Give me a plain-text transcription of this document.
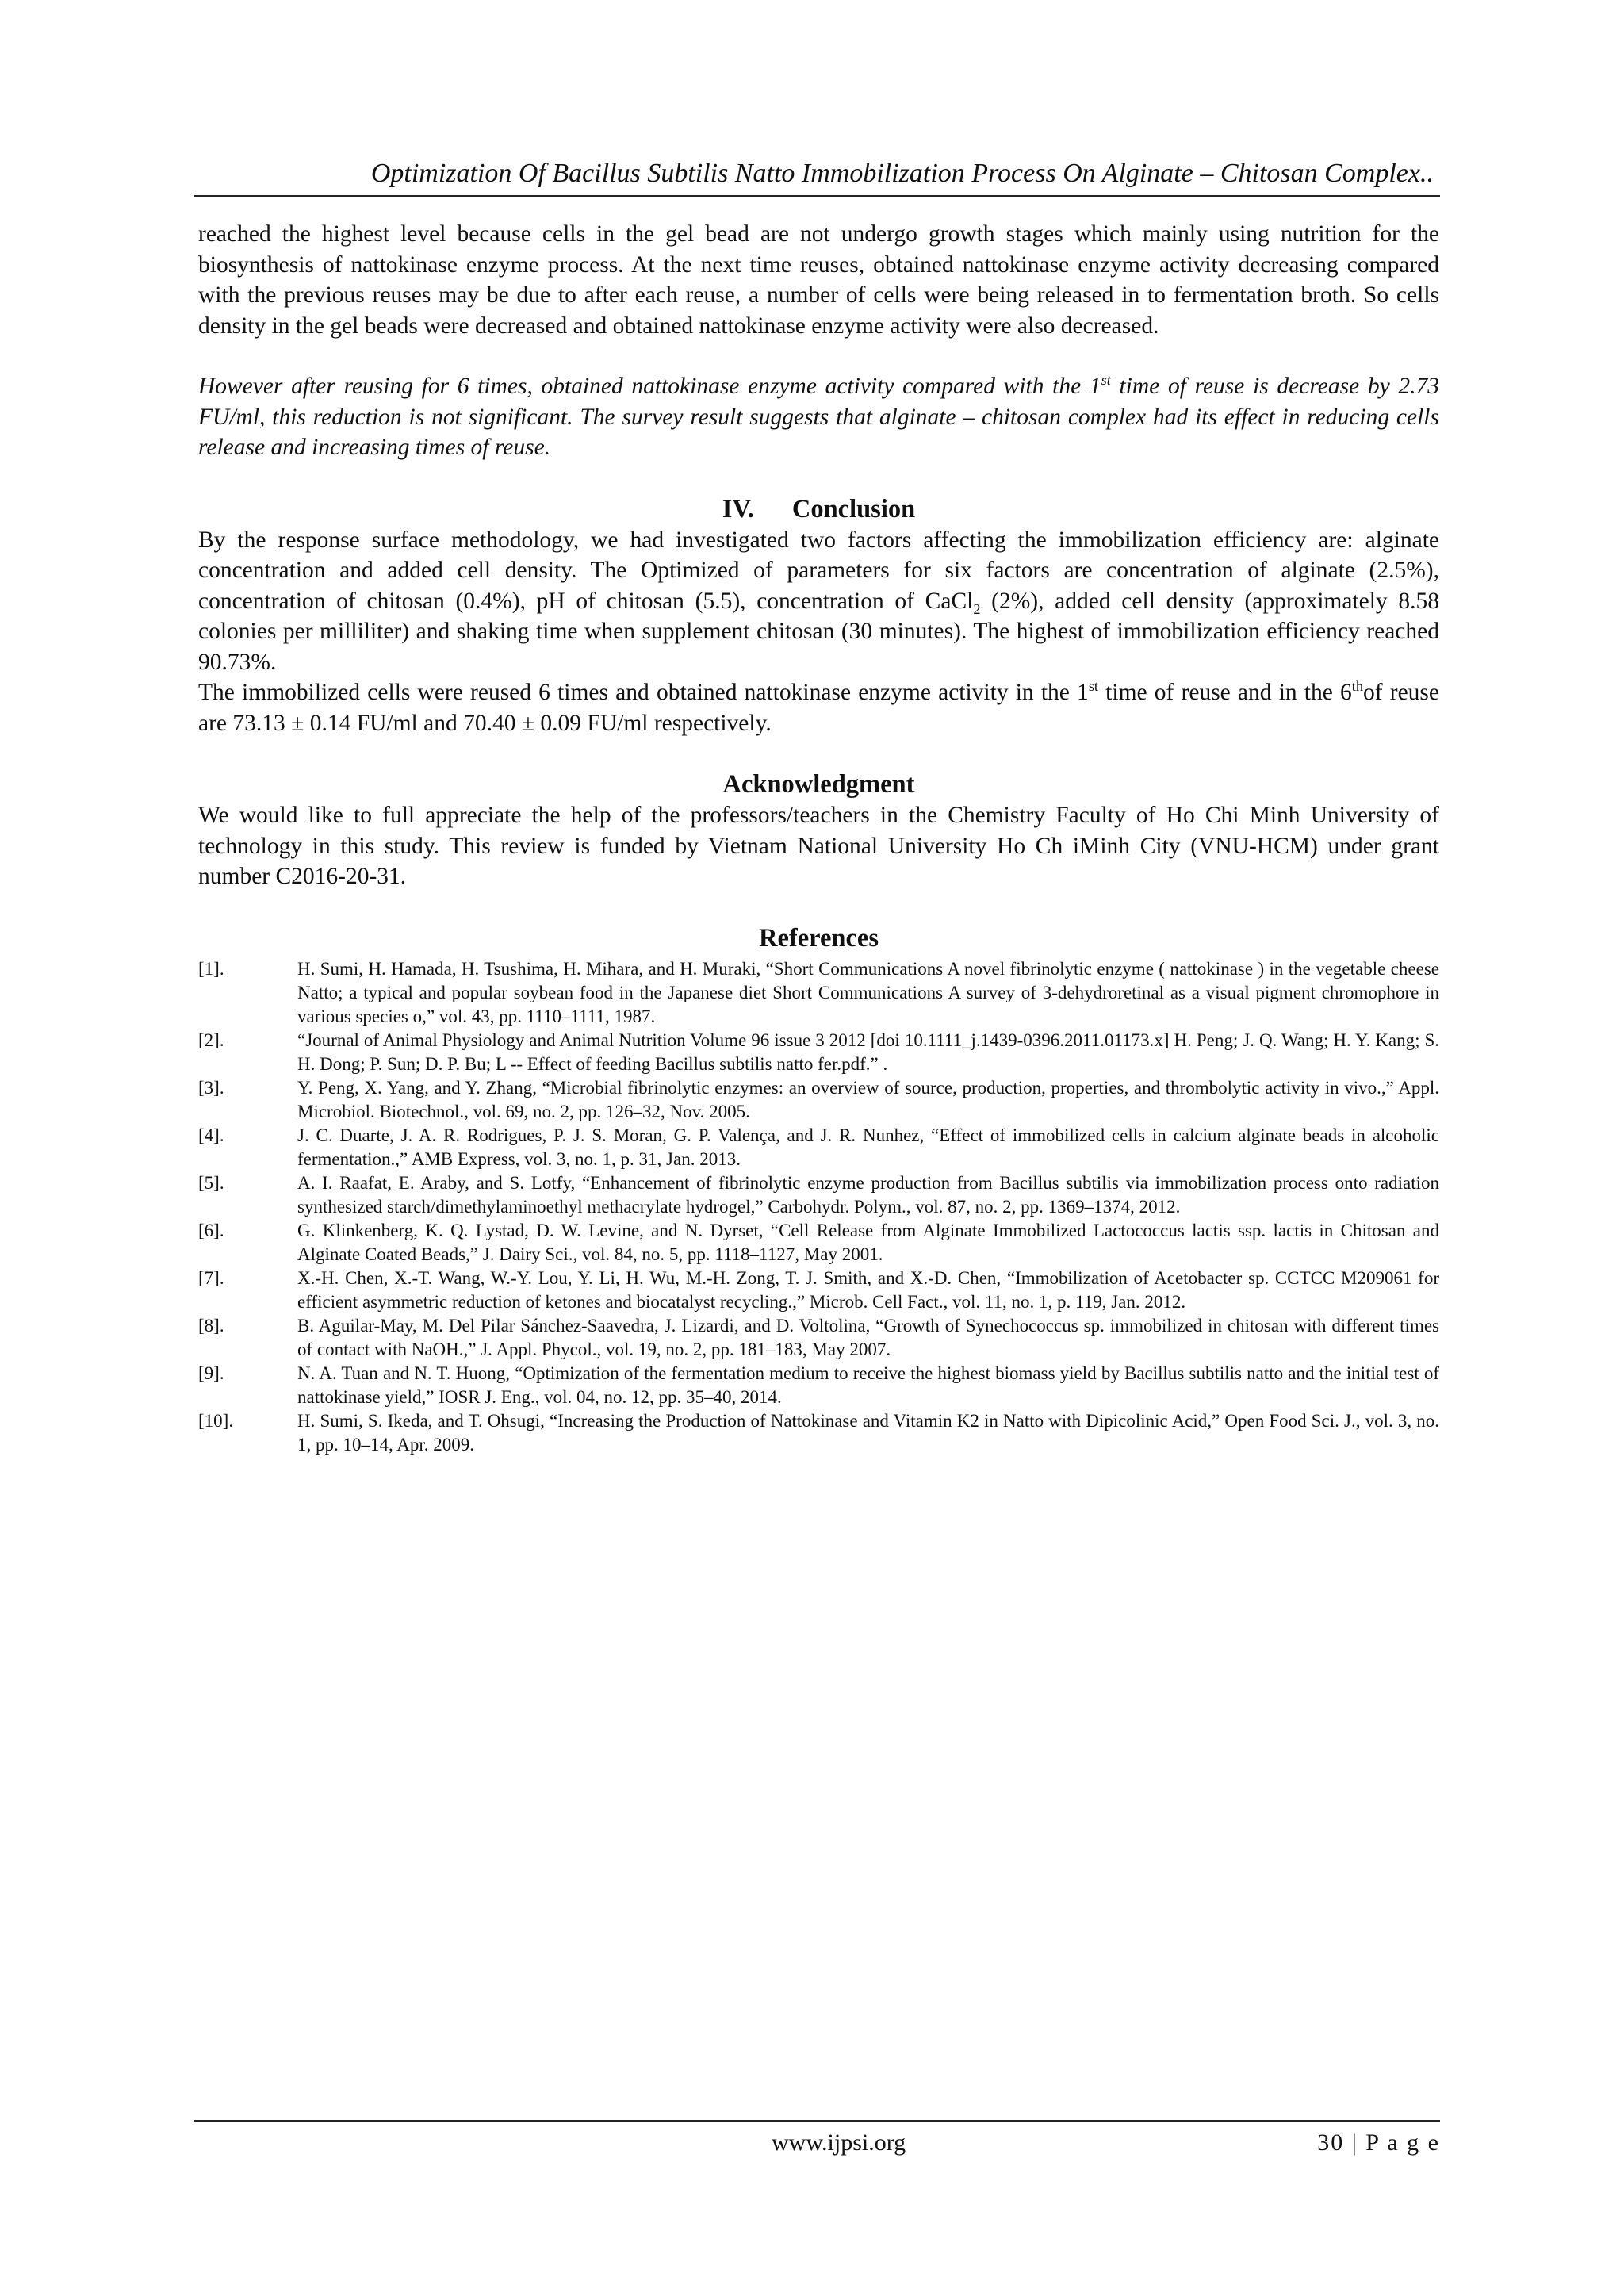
Optimization Of Bacillus Subtilis Natto Immobilization Process On Alginate – Chitosan Complex..

reached the highest level because cells in the gel bead are not undergo growth stages which mainly using nutrition for the biosynthesis of nattokinase enzyme process. At the next time reuses, obtained nattokinase enzyme activity decreasing compared with the previous reuses may be due to after each reuse, a number of cells were being released in to fermentation broth. So cells density in the gel beads were decreased and obtained nattokinase enzyme activity were also decreased.

However after reusing for 6 times, obtained nattokinase enzyme activity compared with the 1st time of reuse is decrease by 2.73 FU/ml, this reduction is not significant. The survey result suggests that alginate – chitosan complex had its effect in reducing cells release and increasing times of reuse.

IV. Conclusion

By the response surface methodology, we had investigated two factors affecting the immobilization efficiency are: alginate concentration and added cell density. The Optimized of parameters for six factors are concentration of alginate (2.5%), concentration of chitosan (0.4%), pH of chitosan (5.5), concentration of CaCl$_2$ (2%), added cell density (approximately 8.58 colonies per milliliter) and shaking time when supplement chitosan (30 minutes). The highest of immobilization efficiency reached 90.73%.

The immobilized cells were reused 6 times and obtained nattokinase enzyme activity in the 1st time of reuse and in the 6thof reuse are 73.13 ± 0.14 FU/ml and 70.40 ± 0.09 FU/ml respectively.

Acknowledgment

We would like to full appreciate the help of the professors/teachers in the Chemistry Faculty of Ho Chi Minh University of technology in this study. This review is funded by Vietnam National University Ho Ch iMinh City (VNU-HCM) under grant number C2016-20-31.

References

[1].	H. Sumi, H. Hamada, H. Tsushima, H. Mihara, and H. Muraki, “Short Communications A novel fibrinolytic enzyme ( nattokinase ) in the vegetable cheese Natto; a typical and popular soybean food in the Japanese diet Short Communications A survey of 3-dehydroretinal as a visual pigment chromophore in various species o,” vol. 43, pp. 1110–1111, 1987.

[2].	“Journal of Animal Physiology and Animal Nutrition Volume 96 issue 3 2012 [doi 10.1111_j.1439-0396.2011.01173.x] H. Peng; J. Q. Wang; H. Y. Kang; S. H. Dong; P. Sun; D. P. Bu; L -- Effect of feeding Bacillus subtilis natto fer.pdf.” .

[3].	Y. Peng, X. Yang, and Y. Zhang, “Microbial fibrinolytic enzymes: an overview of source, production, properties, and thrombolytic activity in vivo.,” Appl. Microbiol. Biotechnol., vol. 69, no. 2, pp. 126–32, Nov. 2005.

[4].	J. C. Duarte, J. A. R. Rodrigues, P. J. S. Moran, G. P. Valença, and J. R. Nunhez, “Effect of immobilized cells in calcium alginate beads in alcoholic fermentation.,” AMB Express, vol. 3, no. 1, p. 31, Jan. 2013.

[5].	A. I. Raafat, E. Araby, and S. Lotfy, “Enhancement of fibrinolytic enzyme production from Bacillus subtilis via immobilization process onto radiation synthesized starch/dimethylaminoethyl methacrylate hydrogel,” Carbohydr. Polym., vol. 87, no. 2, pp. 1369–1374, 2012.

[6].	G. Klinkenberg, K. Q. Lystad, D. W. Levine, and N. Dyrset, “Cell Release from Alginate Immobilized Lactococcus lactis ssp. lactis in Chitosan and Alginate Coated Beads,” J. Dairy Sci., vol. 84, no. 5, pp. 1118–1127, May 2001.

[7].	X.-H. Chen, X.-T. Wang, W.-Y. Lou, Y. Li, H. Wu, M.-H. Zong, T. J. Smith, and X.-D. Chen, “Immobilization of Acetobacter sp. CCTCC M209061 for efficient asymmetric reduction of ketones and biocatalyst recycling.,” Microb. Cell Fact., vol. 11, no. 1, p. 119, Jan. 2012.

[8].	B. Aguilar-May, M. Del Pilar Sánchez-Saavedra, J. Lizardi, and D. Voltolina, “Growth of Synechococcus sp. immobilized in chitosan with different times of contact with NaOH.,” J. Appl. Phycol., vol. 19, no. 2, pp. 181–183, May 2007.

[9].	N. A. Tuan and N. T. Huong, “Optimization of the fermentation medium to receive the highest biomass yield by Bacillus subtilis natto and the initial test of nattokinase yield,” IOSR J. Eng., vol. 04, no. 12, pp. 35–40, 2014.

[10].	H. Sumi, S. Ikeda, and T. Ohsugi, “Increasing the Production of Nattokinase and Vitamin K2 in Natto with Dipicolinic Acid,” Open Food Sci. J., vol. 3, no. 1, pp. 10–14, Apr. 2009.

www.ijpsi.org	30 | P a g e
